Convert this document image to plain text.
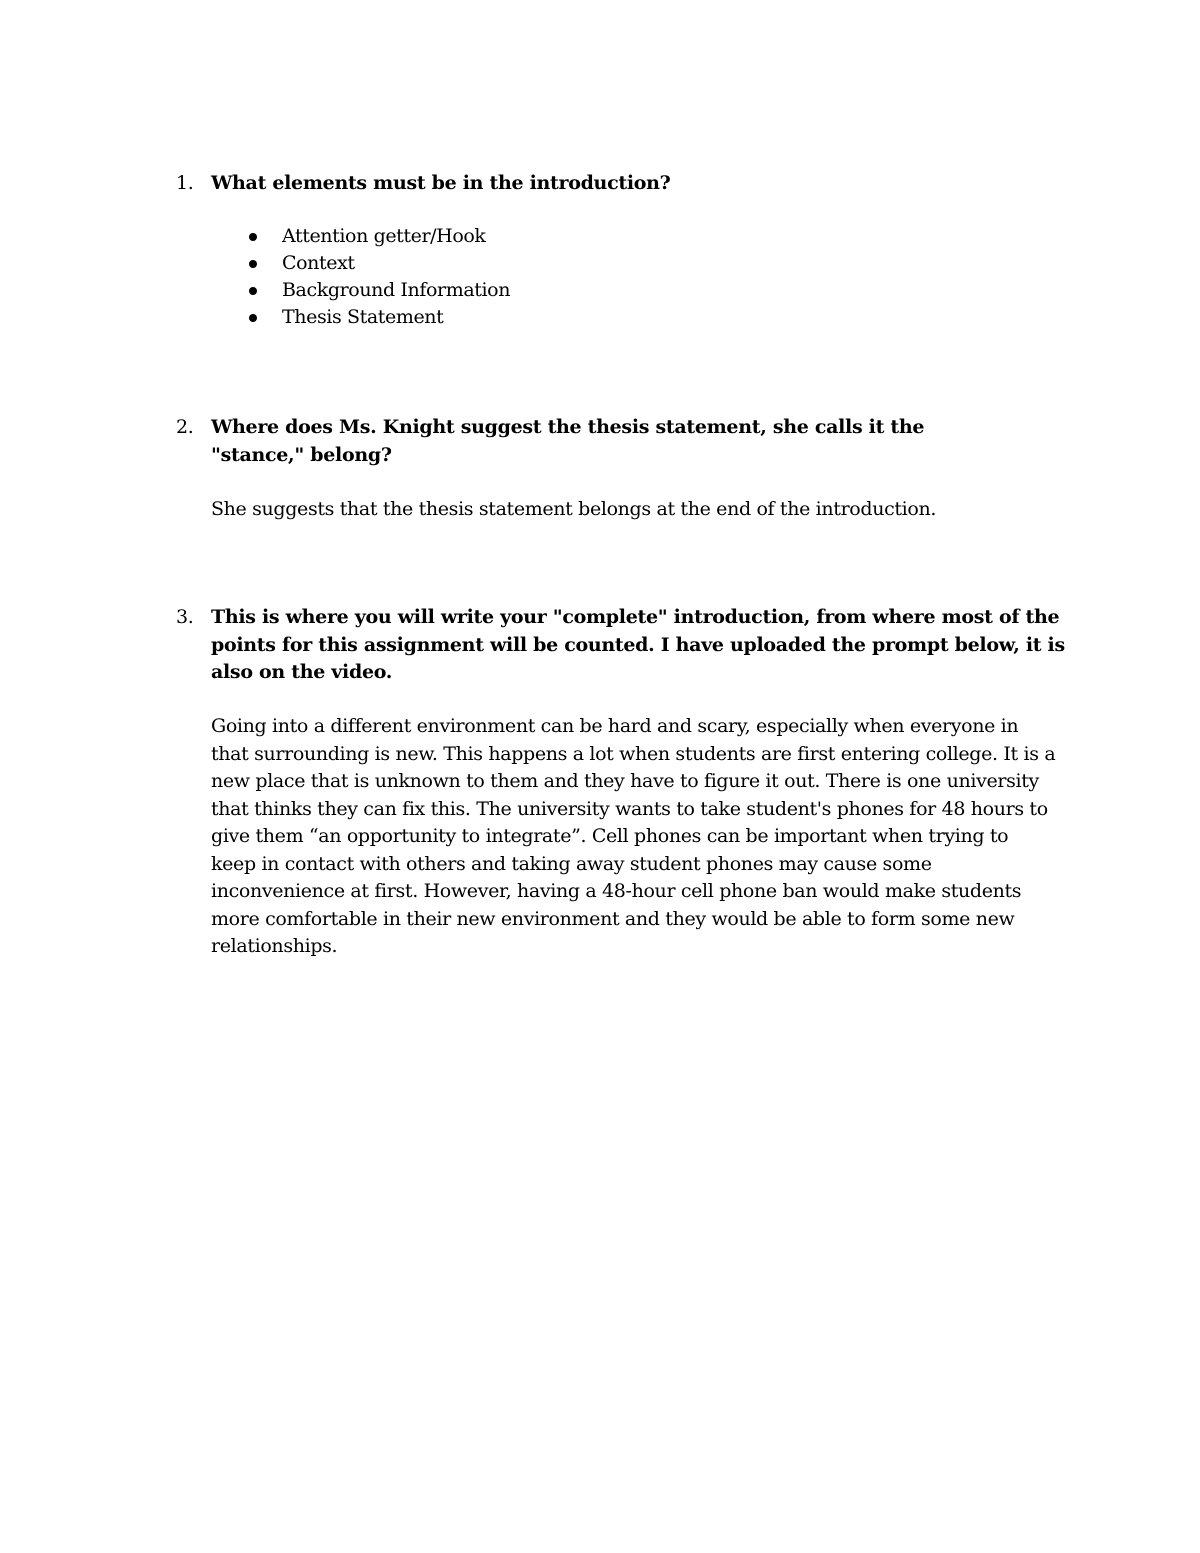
1. What elements must be in the introduction?
Attention getter/Hook
Context
Background Information
Thesis Statement
2. Where does Ms. Knight suggest the thesis statement, she calls it the
"stance," belong?
She suggests that the thesis statement belongs at the end of the introduction.
3. This is where you will write your "complete" introduction, from where most of the
points for this assignment will be counted. I have uploaded the prompt below, it is
also on the video.
Going into a different environment can be hard and scary, especially when everyone in
that surrounding is new. This happens a lot when students are first entering college. It is a
new place that is unknown to them and they have to figure it out. There is one university
that thinks they can fix this. The university wants to take student's phones for 48 hours to
give them “an opportunity to integrate”. Cell phones can be important when trying to
keep in contact with others and taking away student phones may cause some
inconvenience at first. However, having a 48-hour cell phone ban would make students
more comfortable in their new environment and they would be able to form some new
relationships.
